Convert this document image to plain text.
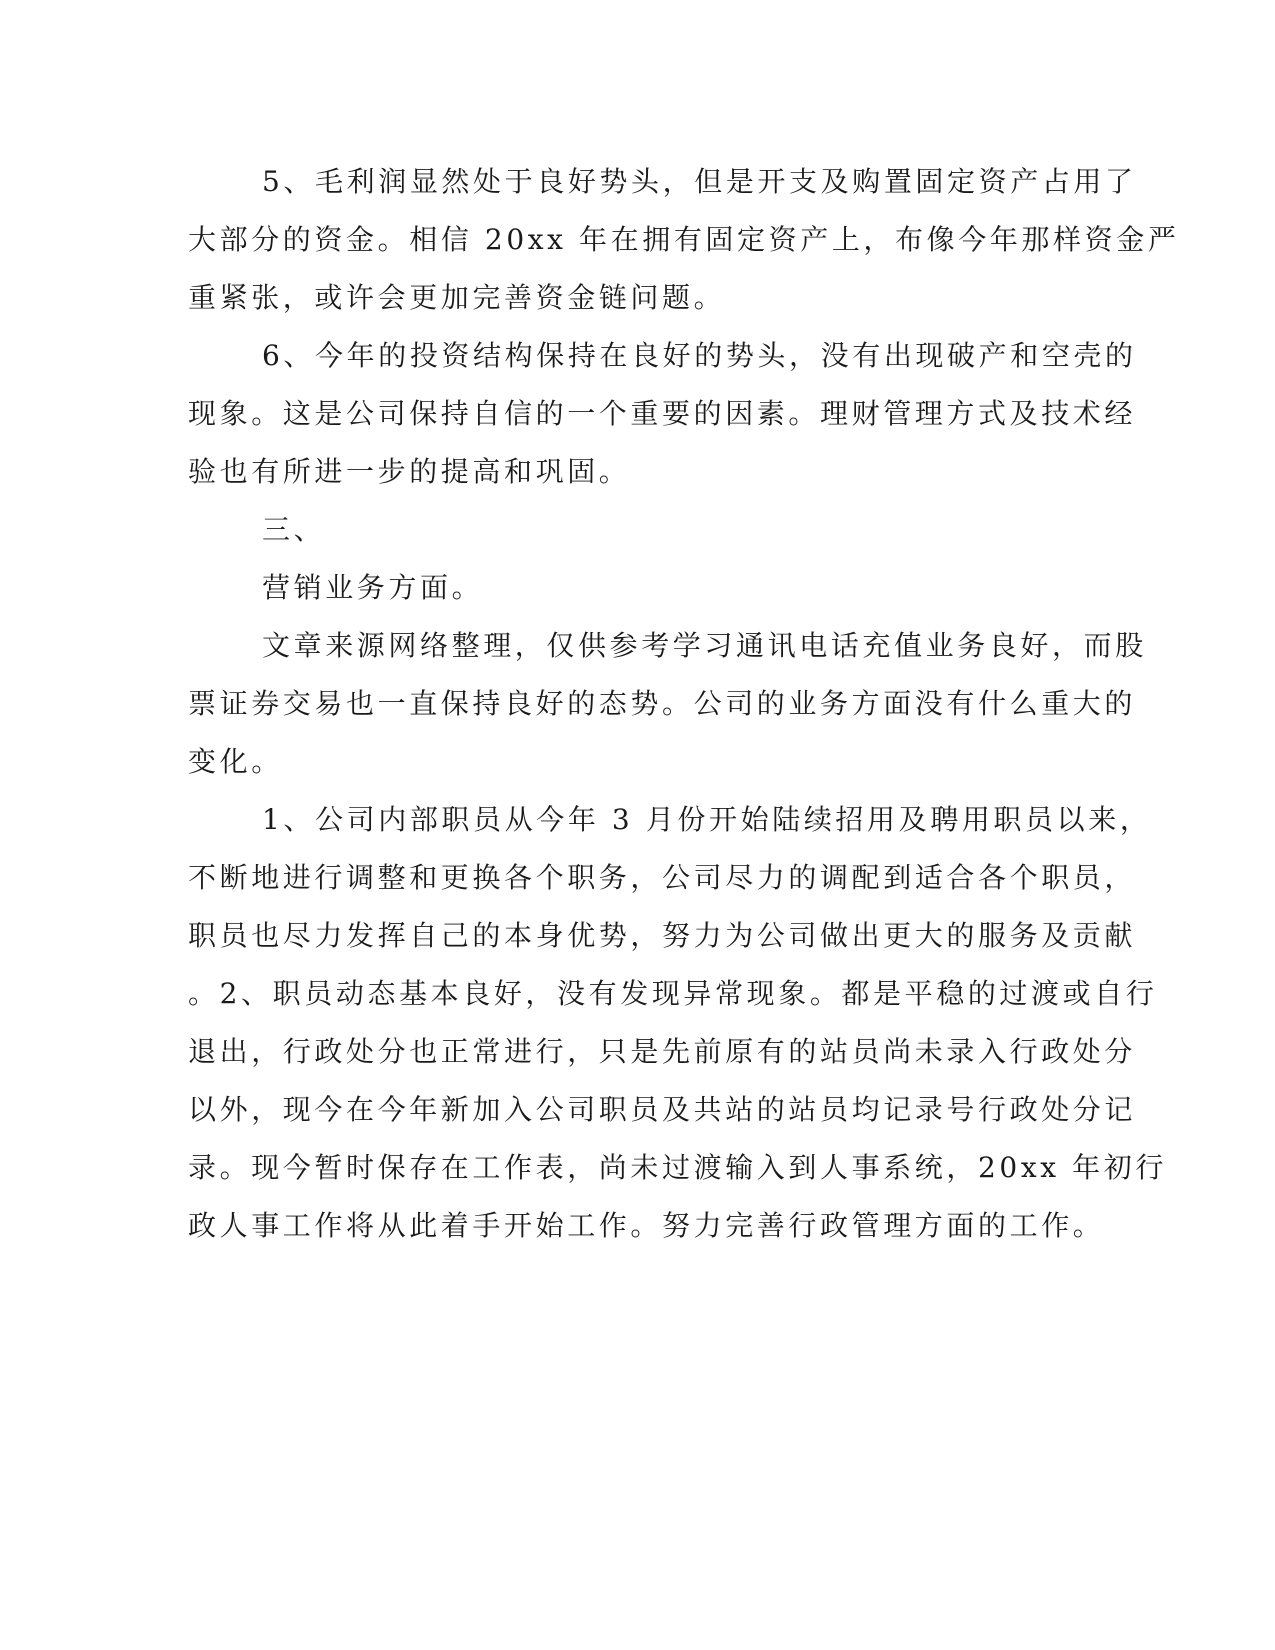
5、毛利润显然处于良好势头，但是开支及购置固定资产占用了

大部分的资金。相信 20xx 年在拥有固定资产上，布像今年那样资金严

重紧张，或许会更加完善资金链问题。

6、今年的投资结构保持在良好的势头，没有出现破产和空壳的

现象。这是公司保持自信的一个重要的因素。理财管理方式及技术经

验也有所进一步的提高和巩固。

三、

营销业务方面。

文章来源网络整理，仅供参考学习通讯电话充值业务良好，而股

票证券交易也一直保持良好的态势。公司的业务方面没有什么重大的

变化。

1、公司内部职员从今年 3 月份开始陆续招用及聘用职员以来，

不断地进行调整和更换各个职务，公司尽力的调配到适合各个职员，

职员也尽力发挥自己的本身优势，努力为公司做出更大的服务及贡献

。2、职员动态基本良好，没有发现异常现象。都是平稳的过渡或自行

退出，行政处分也正常进行，只是先前原有的站员尚未录入行政处分

以外，现今在今年新加入公司职员及共站的站员均记录号行政处分记

录。现今暂时保存在工作表，尚未过渡输入到人事系统，20xx 年初行

政人事工作将从此着手开始工作。努力完善行政管理方面的工作。
